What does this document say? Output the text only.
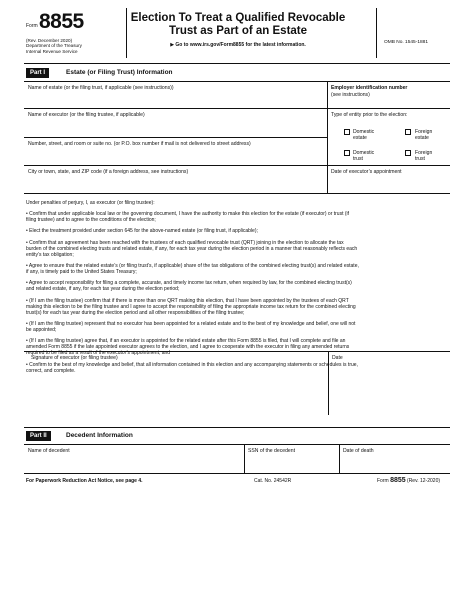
Form 8855
(Rev. December 2020)
Department of the Treasury
Internal Revenue Service
Election To Treat a Qualified Revocable
Trust as Part of an Estate
▶ Go to www.irs.gov/Form8855 for the latest information.	OMB No. 1545-1881
Part I	Estate (or Filing Trust) Information
Name of estate (or the filing trust, if applicable (see instructions))	Employer identification number
(see instructions)
Name of executor (or the filing trustee, if applicable)	Type of entity prior to the election:
Domestic
estate
Foreign
estate
Domestic
trust
Foreign
trust
Number, street, and room or suite no. (or P.O. box number if mail is not delivered to street address)
City or town, state, and ZIP code (if a foreign address, see instructions)	Date of executor’s appointment
Under penalties of perjury, I, as executor (or filing trustee):
• Confirm that under applicable local law or the governing document, I have the authority to make this election for the estate (if executor) or trust (if
filing trustee) and to agree to the conditions of the election;
• Elect the treatment provided under section 645 for the above-named estate (or filing trust, if applicable);
• Confirm that an agreement has been reached with the trustees of each qualified revocable trust (QRT) joining in the election to allocate the tax
burden of the combined electing trusts and related estate, if any, for each tax year during the election period in a manner that reasonably reflects each
entity’s tax obligation;
• Agree to ensure that the related estate’s (or filing trust’s, if applicable) share of the tax obligations of the combined electing trust(s) and related estate,
if any, is timely paid to the United States Treasury;
• Agree to accept responsibility for filing a complete, accurate, and timely income tax return, when required by law, for the combined electing trust(s)
and related estate, if any, for each tax year during the election period;
• (If I am the filing trustee) confirm that if there is more than one QRT making this election, that I have been appointed by the trustees of each QRT
making this election to be the filing trustee and I agree to accept the responsibility of filing the appropriate income tax return for the combined electing
trust(s) for each tax year during the election period and all other responsibilities of the filing trustee;
• (If I am the filing trustee) represent that no executor has been appointed for a related estate and to the best of my knowledge and belief, one will not
be appointed;
• (If I am the filing trustee) agree that, if an executor is appointed for the related estate after this Form 8855 is filed, that I will complete and file an
amended Form 8855 if the late appointed executor agrees to the election, and I agree to cooperate with the executor in filing any amended returns
required to be filed as a result of the executor’s appointment; and
• Confirm to the best of my knowledge and belief, that all information contained in this election and any accompanying statements or schedules is true,
correct, and complete.
Signature of executor (or filing trustee)	Date
Part II	Decedent Information
Name of decedent	SSN of the decedent	Date of death
For Paperwork Reduction Act Notice, see page 4.	Cat. No. 24542R	Form 8855 (Rev. 12-2020)
